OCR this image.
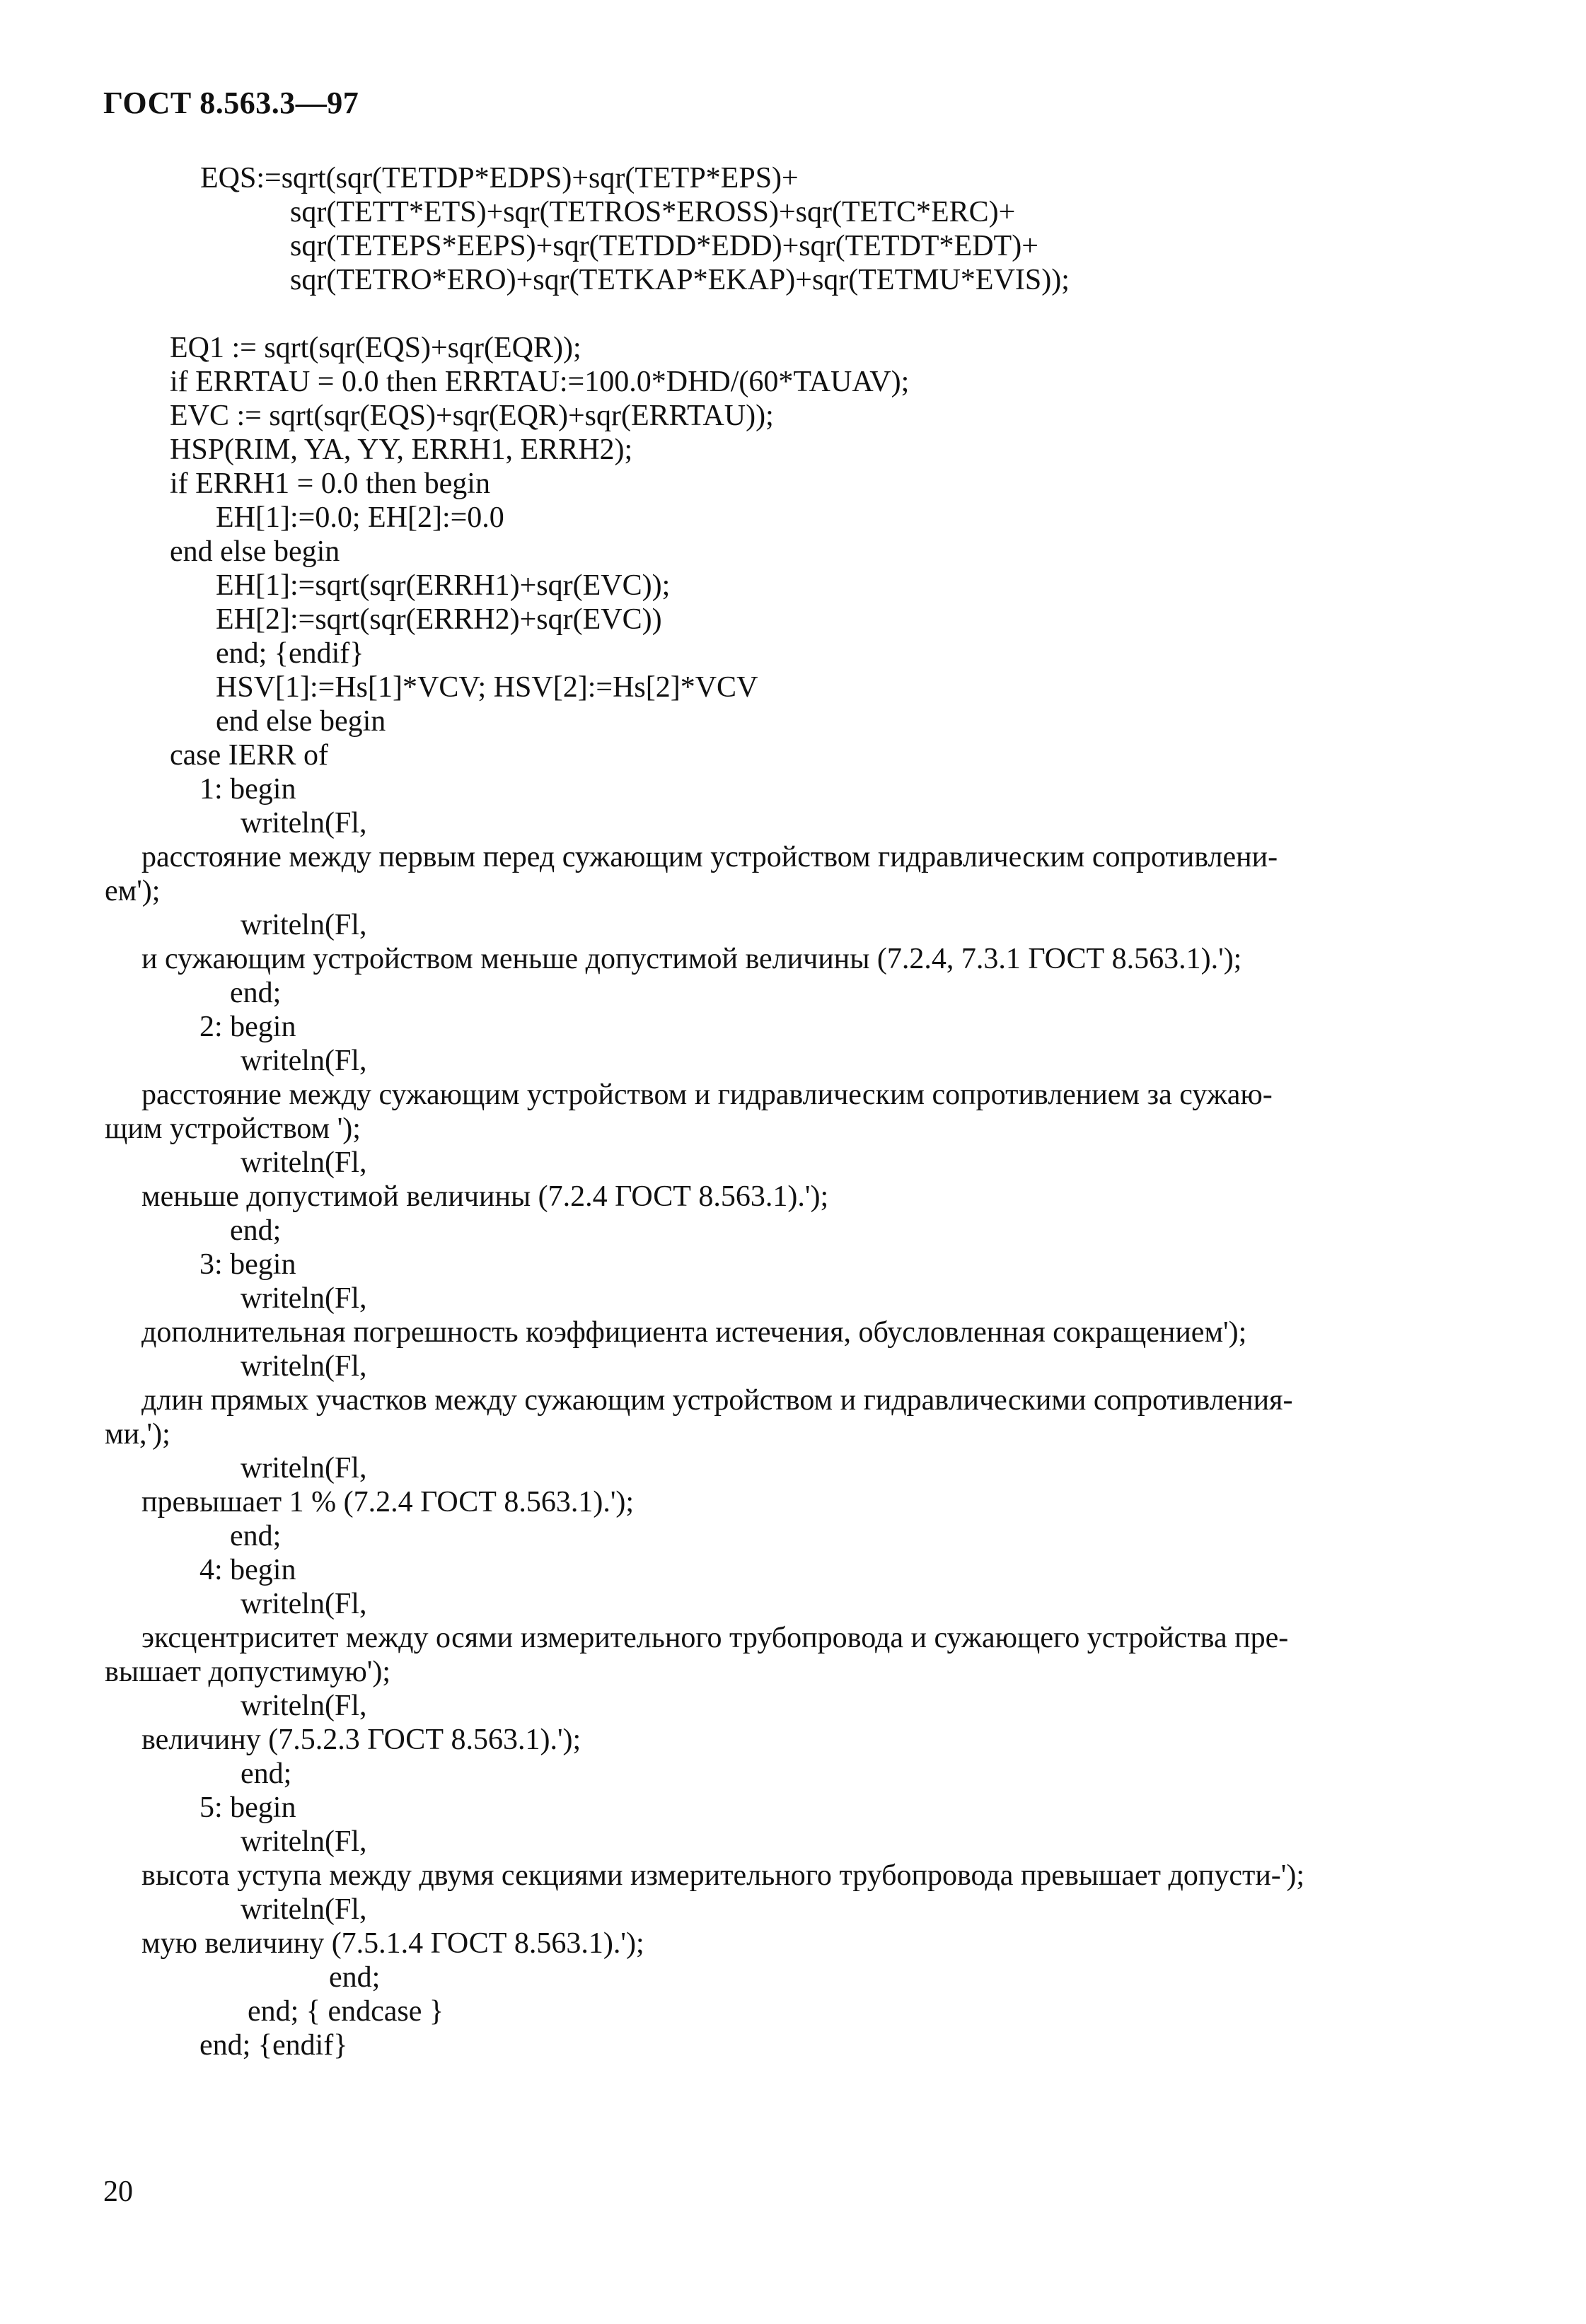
ГОСТ 8.563.3—97
EQS:=sqrt(sqr(TETDP*EDPS)+sqr(TETP*EPS)+
sqr(TETT*ETS)+sqr(TETROS*EROSS)+sqr(TETC*ERC)+
sqr(TETEPS*EEPS)+sqr(TETDD*EDD)+sqr(TETDT*EDT)+
sqr(TETRO*ERO)+sqr(TETKAP*EKAP)+sqr(TETMU*EVIS));
EQ1 := sqrt(sqr(EQS)+sqr(EQR));
if ERRTAU = 0.0 then ERRTAU:=100.0*DHD/(60*TAUAV);
EVC := sqrt(sqr(EQS)+sqr(EQR)+sqr(ERRTAU));
HSP(RIM, YA, YY, ERRH1, ERRH2);
if ERRH1 = 0.0 then begin
EH[1]:=0.0; EH[2]:=0.0
end else begin
EH[1]:=sqrt(sqr(ERRH1)+sqr(EVC));
EH[2]:=sqrt(sqr(ERRH2)+sqr(EVC))
end; {endif}
HSV[1]:=Hs[1]*VCV; HSV[2]:=Hs[2]*VCV
end else begin
case IERR of
1: begin
writeln(Fl,
расстояние между первым перед сужающим устройством гидравлическим сопротивлени-
ем');
writeln(Fl,
и сужающим устройством меньше допустимой величины (7.2.4, 7.3.1 ГОСТ 8.563.1).');
end;
2: begin
writeln(Fl,
расстояние между сужающим устройством и гидравлическим сопротивлением за сужаю-
щим устройством ');
writeln(Fl,
меньше допустимой величины (7.2.4 ГОСТ 8.563.1).');
end;
3: begin
writeln(Fl,
дополнительная погрешность коэффициента истечения, обусловленная сокращением');
writeln(Fl,
длин прямых участков между сужающим устройством и гидравлическими сопротивления-
ми,');
writeln(Fl,
превышает 1 % (7.2.4 ГОСТ 8.563.1).');
end;
4: begin
writeln(Fl,
эксцентриситет между осями измерительного трубопровода и сужающего устройства пре-
вышает допустимую');
writeln(Fl,
величину (7.5.2.3 ГОСТ 8.563.1).');
end;
5: begin
writeln(Fl,
высота уступа между двумя секциями измерительного трубопровода превышает допусти-');
writeln(Fl,
мую величину (7.5.1.4 ГОСТ 8.563.1).');
end;
end; { endcase }
end; {endif}
20
